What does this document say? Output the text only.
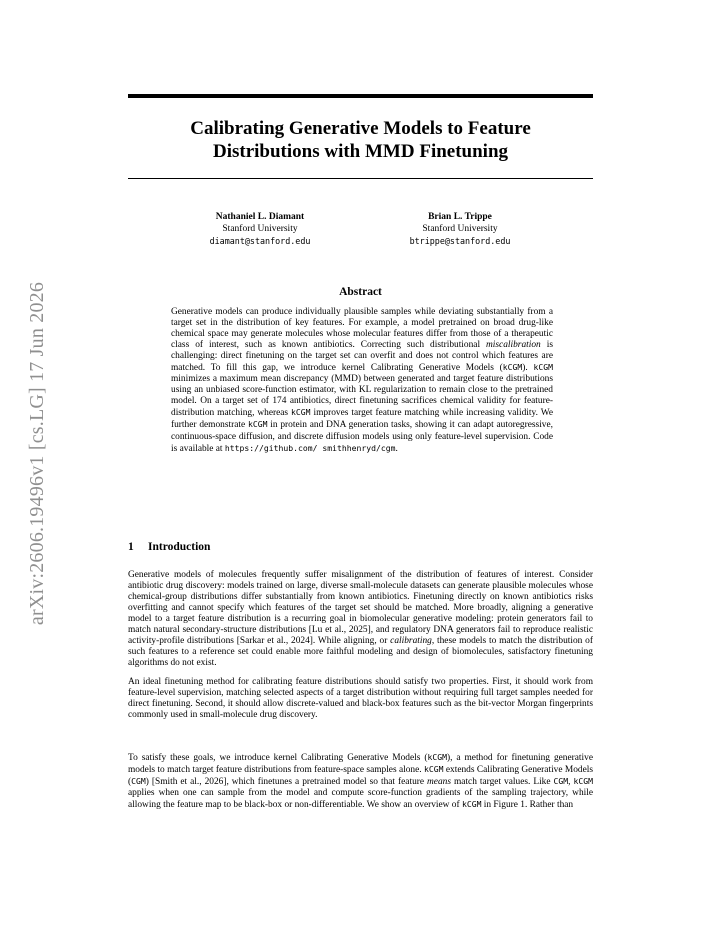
arXiv:2606.19496v1 [cs.LG] 17 Jun 2026
Calibrating Generative Models to Feature
Distributions with MMD Finetuning
Nathaniel L. Diamant
Stanford University
diamant@stanford.edu
Brian L. Trippe
Stanford University
btrippe@stanford.edu
Abstract

Generative models can produce individually plausible samples while deviating substantially from a target set in the distribution of key features. For example, a model pretrained on broad drug-like chemical space may generate molecules whose molecular features differ from those of a therapeutic class of interest, such as known antibiotics. Correcting such distributional miscalibration is challenging: direct finetuning on the target set can overfit and does not control which features are matched. To fill this gap, we introduce kernel Calibrating Generative Models (kCGM). kCGM minimizes a maximum mean discrepancy (MMD) between generated and target feature distributions using an unbiased score-function estimator, with KL regularization to remain close to the pretrained model. On a target set of 174 antibiotics, direct finetuning sacrifices chemical validity for feature-distribution matching, whereas kCGM improves target feature matching while increasing validity. We further demonstrate kCGM in protein and DNA generation tasks, showing it can adapt autoregressive, continuous-space diffusion, and discrete diffusion models using only feature-level supervision. Code is available at https://github.com/ smithhenryd/cgm.

1 Introduction

Generative models of molecules frequently suffer misalignment of the distribution of features of interest. Consider antibiotic drug discovery: models trained on large, diverse small-molecule datasets can generate plausible molecules whose chemical-group distributions differ substantially from known antibiotics. Finetuning directly on known antibiotics risks overfitting and cannot specify which features of the target set should be matched. More broadly, aligning a generative model to a target feature distribution is a recurring goal in biomolecular generative modeling: protein generators fail to match natural secondary-structure distributions [Lu et al., 2025], and regulatory DNA generators fail to reproduce realistic activity-profile distributions [Sarkar et al., 2024]. While aligning, or calibrating, these models to match the distribution of such features to a reference set could enable more faithful modeling and design of biomolecules, satisfactory finetuning algorithms do not exist.

An ideal finetuning method for calibrating feature distributions should satisfy two properties. First, it should work from feature-level supervision, matching selected aspects of a target distribution without requiring full target samples needed for direct finetuning. Second, it should allow discrete-valued and black-box features such as the bit-vector Morgan fingerprints commonly used in small-molecule drug discovery.

To satisfy these goals, we introduce kernel Calibrating Generative Models (kCGM), a method for finetuning generative models to match target feature distributions from feature-space samples alone. kCGM extends Calibrating Generative Models (CGM) [Smith et al., 2026], which finetunes a pretrained model so that feature means match target values. Like CGM, kCGM applies when one can sample from the model and compute score-function gradients of the sampling trajectory, while allowing the feature map to be black-box or non-differentiable. We show an overview of kCGM in Figure 1. Rather than
